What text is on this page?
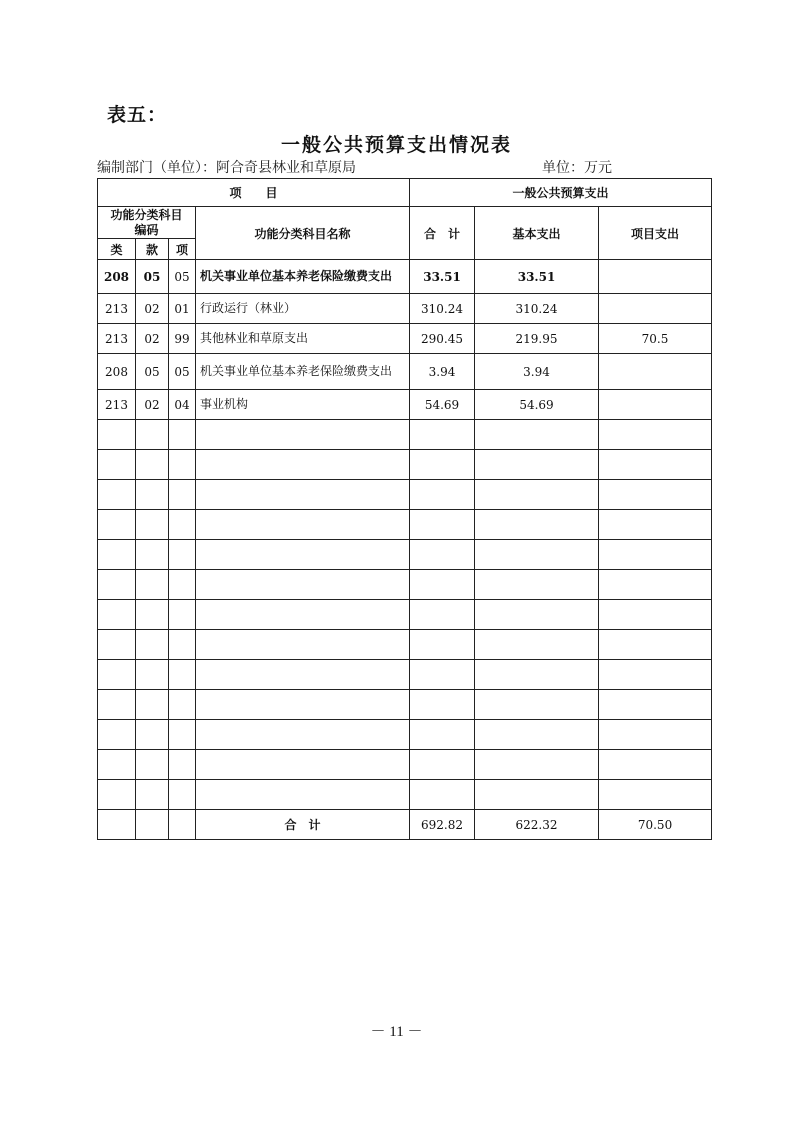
表五：
一般公共预算支出情况表
编制部门（单位）：阿合奇县林业和草原局	单位：万元
项　　目				一般公共预算支出		
功能分类科目编码			功能分类科目名称	合　计	基本支出	项目支出
类	款	项				
208	05	05	机关事业单位基本养老保险缴费支出	33.51	33.51	
213	02	01	行政运行（林业）	310.24	310.24	
213	02	99	其他林业和草原支出	290.45	219.95	70.5
208	05	05	机关事业单位基本养老保险缴费支出	3.94	3.94	
213	02	04	事业机构	54.69	54.69	

			合　计	692.82	622.32	70.50
－ 11 －
